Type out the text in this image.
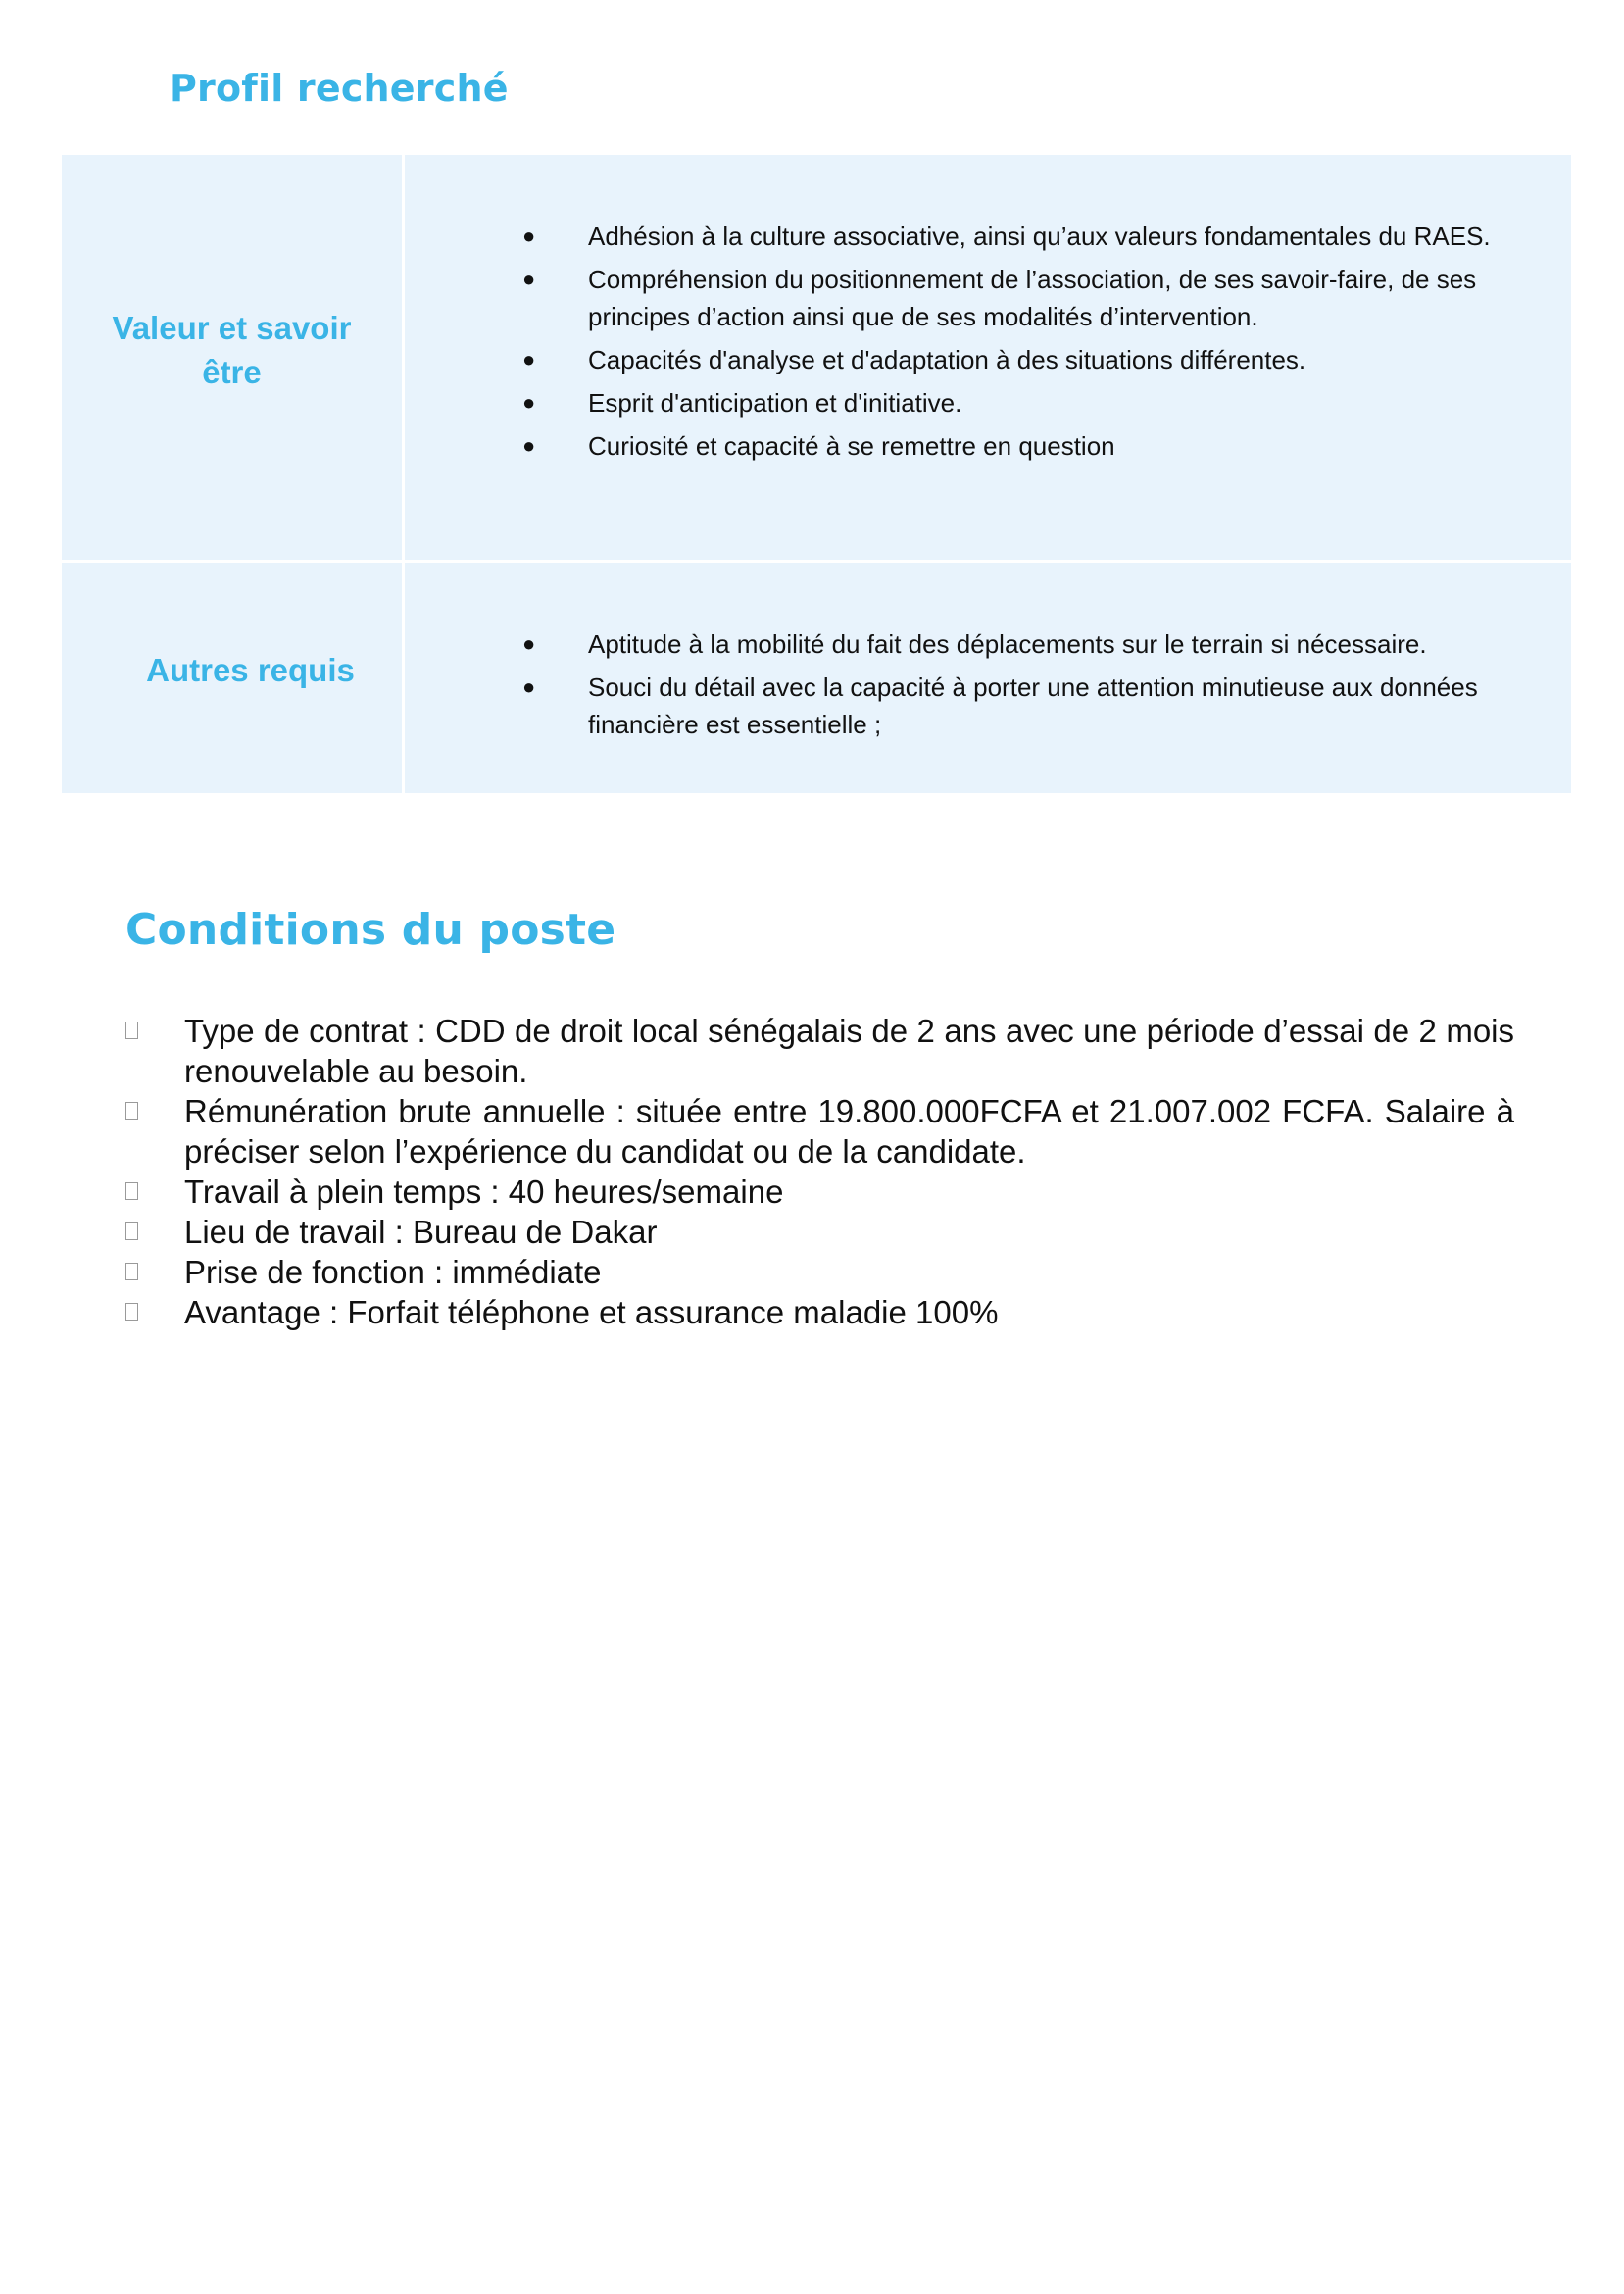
Profil recherché
Valeur et savoir être
● Adhésion à la culture associative, ainsi qu’aux valeurs fondamentales du RAES.
● Compréhension du positionnement de l’association, de ses savoir-faire, de ses principes d’action ainsi que de ses modalités d’intervention.
● Capacités d'analyse et d'adaptation à des situations différentes.
● Esprit d'anticipation et d'initiative.
● Curiosité et capacité à se remettre en question
Autres requis
● Aptitude à la mobilité du fait des déplacements sur le terrain si nécessaire.
● Souci du détail avec la capacité à porter une attention minutieuse aux données financière est essentielle ;
Conditions du poste
Type de contrat : CDD de droit local sénégalais de 2 ans avec une période d’essai de 2 mois renouvelable au besoin.
Rémunération brute annuelle : située entre 19.800.000FCFA et 21.007.002 FCFA. Salaire à préciser selon l’expérience du candidat ou de la candidate.
Travail à plein temps : 40 heures/semaine
Lieu de travail : Bureau de Dakar
Prise de fonction : immédiate
Avantage : Forfait téléphone et assurance maladie 100%
